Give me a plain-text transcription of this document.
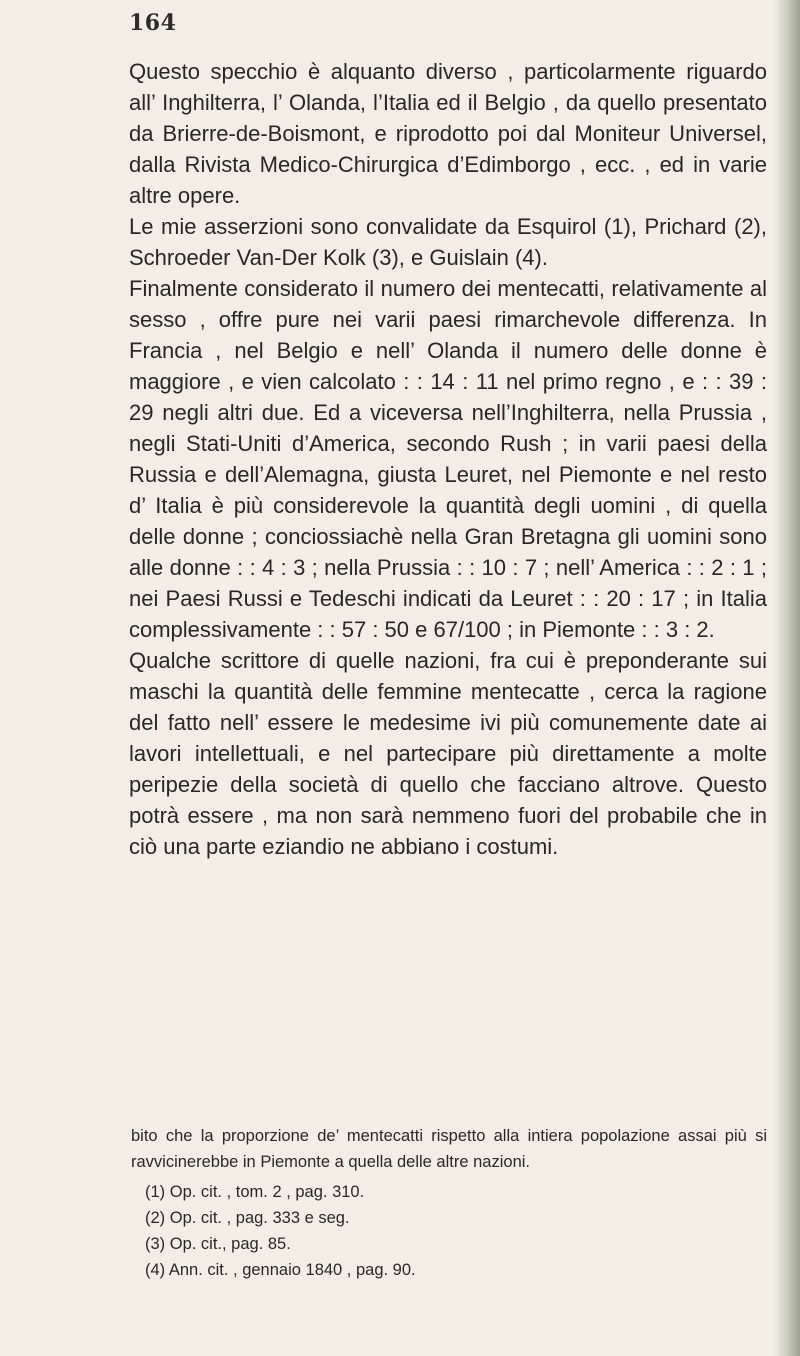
164

Questo specchio è alquanto diverso , particolarmente riguardo all’ Inghilterra, l’ Olanda, l’Italia ed il Belgio , da quello presentato da Brierre-de-Boismont, e riprodotto poi dal Moniteur Universel, dalla Rivista Medico-Chirurgica d’Edimborgo , ecc. , ed in varie altre opere.

Le mie asserzioni sono convalidate da Esquirol (1), Prichard (2), Schroeder Van-Der Kolk (3), e Guislain (4).

Finalmente considerato il numero dei mentecatti, relativamente al sesso , offre pure nei varii paesi rimarchevole differenza. In Francia , nel Belgio e nell’ Olanda il numero delle donne è maggiore , e vien calcolato : : 14 : 11 nel primo regno , e : : 39 : 29 negli altri due. Ed a viceversa nell’Inghilterra, nella Prussia , negli Stati-Uniti d’America, secondo Rush ; in varii paesi della Russia e dell’Alemagna, giusta Leuret, nel Piemonte e nel resto d’ Italia è più considerevole la quantità degli uomini , di quella delle donne ; conciossiachè nella Gran Bretagna gli uomini sono alle donne : : 4 : 3 ; nella Prussia : : 10 : 7 ; nell’ America : : 2 : 1 ; nei Paesi Russi e Tedeschi indicati da Leuret : : 20 : 17 ; in Italia complessivamente : : 57 : 50 e 67/100 ; in Piemonte : : 3 : 2.

Qualche scrittore di quelle nazioni, fra cui è preponderante sui maschi la quantità delle femmine mentecatte , cerca la ragione del fatto nell’ essere le medesime ivi più comunemente date ai lavori intellettuali, e nel partecipare più direttamente a molte peripezie della società di quello che facciano altrove. Questo potrà essere , ma non sarà nemmeno fuori del probabile che in ciò una parte eziandio ne abbiano i costumi.

bito che la proporzione de’ mentecatti rispetto alla intiera popolazione assai più si ravvicinerebbe in Piemonte a quella delle altre nazioni.

(1) Op. cit. , tom. 2 , pag. 310.
(2) Op. cit. , pag. 333 e seg.
(3) Op. cit., pag. 85.
(4) Ann. cit. , gennaio 1840 , pag. 90.
